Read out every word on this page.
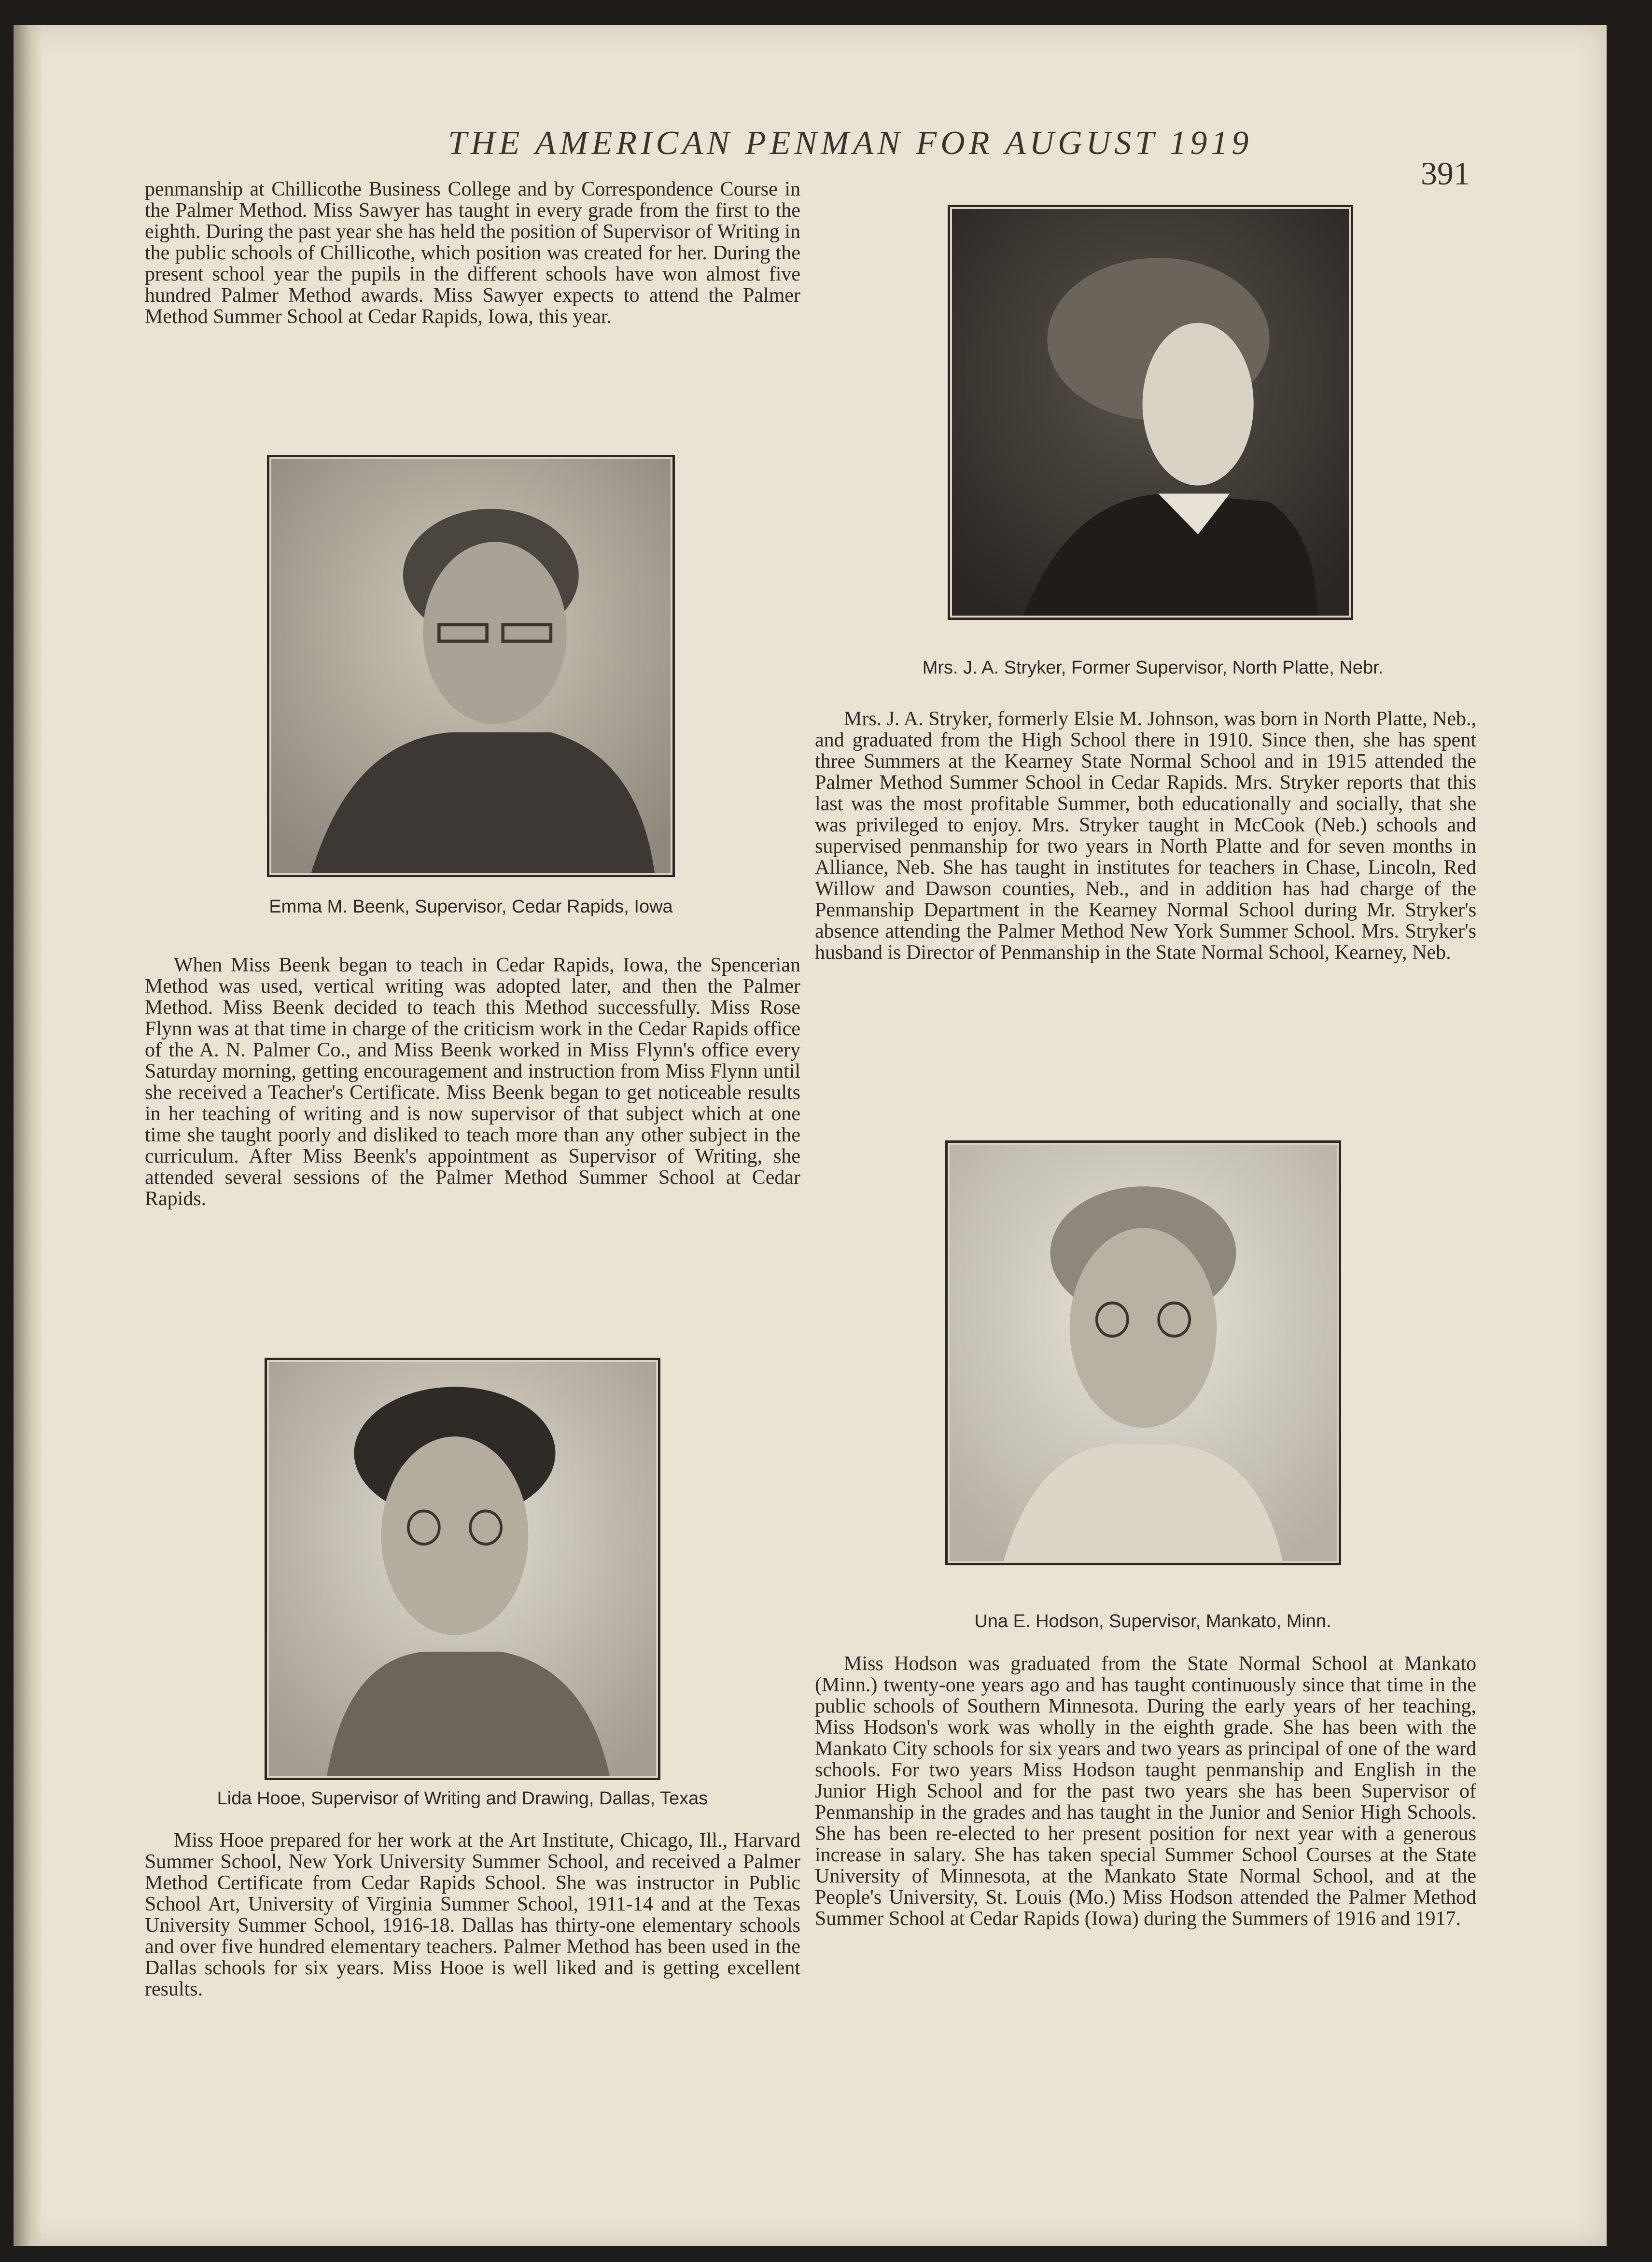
THE AMERICAN PENMAN FOR AUGUST 1919
391

penmanship at Chillicothe Business College and by Correspondence Course in the Palmer Method. Miss Sawyer has taught in every grade from the first to the eighth. During the past year she has held the position of Supervisor of Writing in the public schools of Chillicothe, which position was created for her. During the present school year the pupils in the different schools have won almost five hundred Palmer Method awards. Miss Sawyer expects to attend the Palmer Method Summer School at Cedar Rapids, Iowa, this year.

Emma M. Beenk, Supervisor, Cedar Rapids, Iowa

When Miss Beenk began to teach in Cedar Rapids, Iowa, the Spencerian Method was used, vertical writing was adopted later, and then the Palmer Method. Miss Beenk decided to teach this Method successfully. Miss Rose Flynn was at that time in charge of the criticism work in the Cedar Rapids office of the A. N. Palmer Co., and Miss Beenk worked in Miss Flynn's office every Saturday morning, getting encouragement and instruction from Miss Flynn until she received a Teacher's Certificate. Miss Beenk began to get noticeable results in her teaching of writing and is now supervisor of that subject which at one time she taught poorly and disliked to teach more than any other subject in the curriculum. After Miss Beenk's appointment as Supervisor of Writing, she attended several sessions of the Palmer Method Summer School at Cedar Rapids.

Lida Hooe, Supervisor of Writing and Drawing, Dallas, Texas

Miss Hooe prepared for her work at the Art Institute, Chicago, Ill., Harvard Summer School, New York University Summer School, and received a Palmer Method Certificate from Cedar Rapids School. She was instructor in Public School Art, University of Virginia Summer School, 1911-14 and at the Texas University Summer School, 1916-18. Dallas has thirty-one elementary schools and over five hundred elementary teachers. Palmer Method has been used in the Dallas schools for six years. Miss Hooe is well liked and is getting excellent results.

Mrs. J. A. Stryker, Former Supervisor, North Platte, Nebr.

Mrs. J. A. Stryker, formerly Elsie M. Johnson, was born in North Platte, Neb., and graduated from the High School there in 1910. Since then, she has spent three Summers at the Kearney State Normal School and in 1915 attended the Palmer Method Summer School in Cedar Rapids. Mrs. Stryker reports that this last was the most profitable Summer, both educationally and socially, that she was privileged to enjoy. Mrs. Stryker taught in McCook (Neb.) schools and supervised penmanship for two years in North Platte and for seven months in Alliance, Neb. She has taught in institutes for teachers in Chase, Lincoln, Red Willow and Dawson counties, Neb., and in addition has had charge of the Penmanship Department in the Kearney Normal School during Mr. Stryker's absence attending the Palmer Method New York Summer School. Mrs. Stryker's husband is Director of Penmanship in the State Normal School, Kearney, Neb.

Una E. Hodson, Supervisor, Mankato, Minn.

Miss Hodson was graduated from the State Normal School at Mankato (Minn.) twenty-one years ago and has taught continuously since that time in the public schools of Southern Minnesota. During the early years of her teaching, Miss Hodson's work was wholly in the eighth grade. She has been with the Mankato City schools for six years and two years as principal of one of the ward schools. For two years Miss Hodson taught penmanship and English in the Junior High School and for the past two years she has been Supervisor of Penmanship in the grades and has taught in the Junior and Senior High Schools. She has been re-elected to her present position for next year with a generous increase in salary. She has taken special Summer School Courses at the State University of Minnesota, at the Mankato State Normal School, and at the People's University, St. Louis (Mo.) Miss Hodson attended the Palmer Method Summer School at Cedar Rapids (Iowa) during the Summers of 1916 and 1917.
